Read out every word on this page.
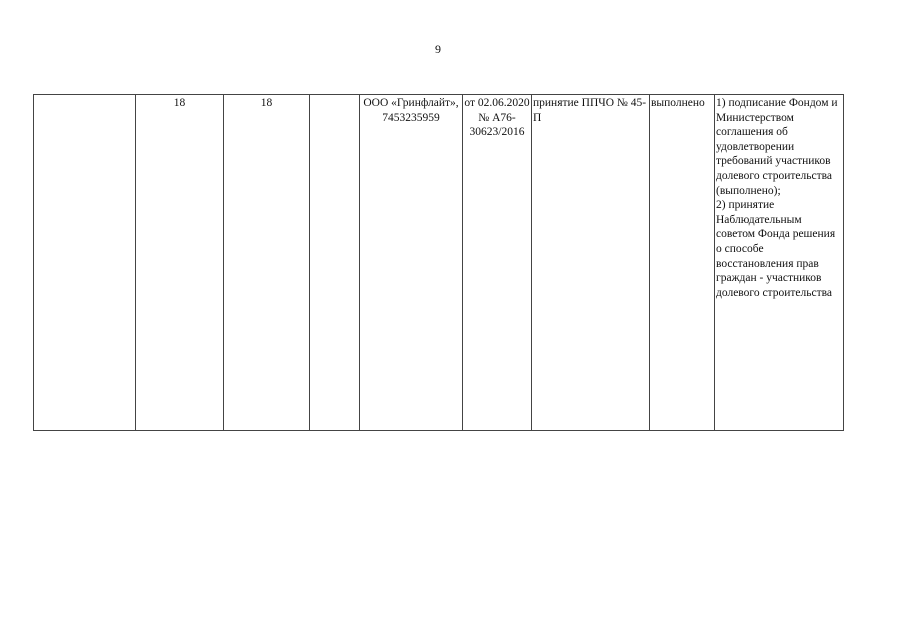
9
	18	18		ООО «Гринфлайт», 7453235959	от 02.06.2020 № А76-30623/2016	принятие ППЧО № 45-П	выполнено	1) подписание Фондом и Министерством соглашения об удовлетворении требований участников долевого строительства (выполнено);
2) принятие Наблюдательным советом Фонда решения о способе восстановления прав граждан - участников долевого строительства
